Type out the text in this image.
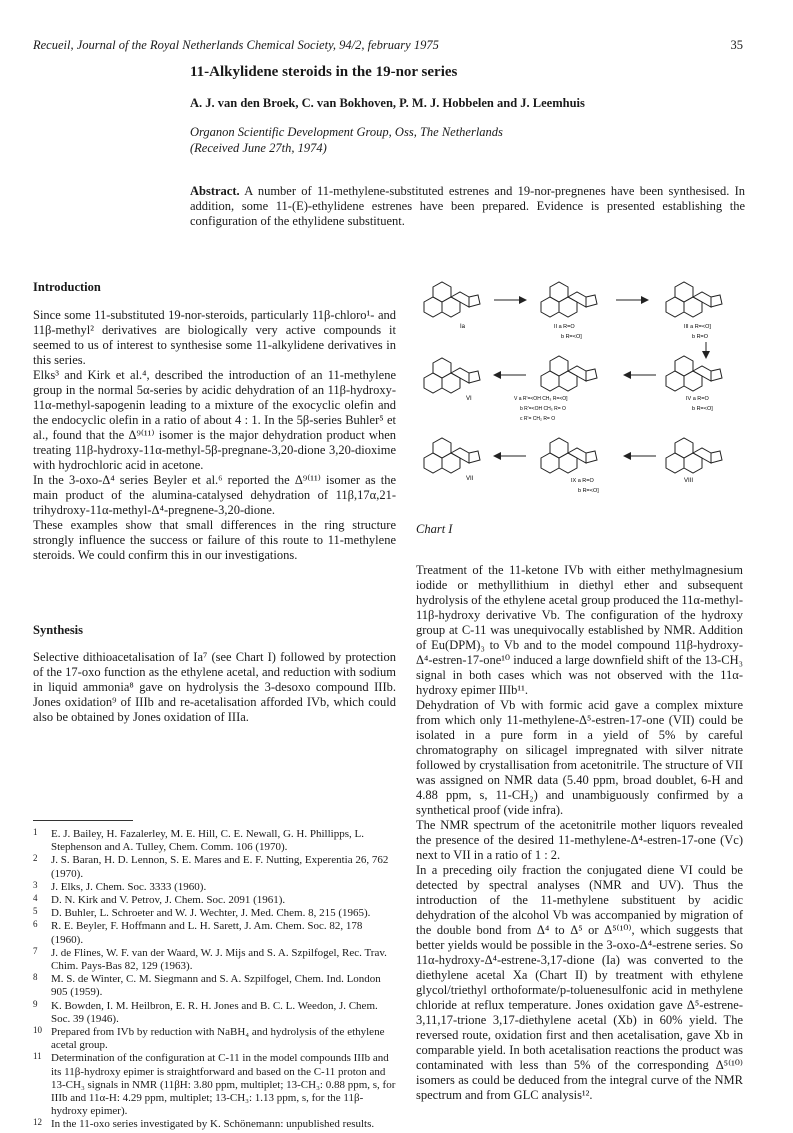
Recueil, Journal of the Royal Netherlands Chemical Society, 94/2, february 1975	35
11-Alkylidene steroids in the 19-nor series
A. J. van den Broek, C. van Bokhoven, P. M. J. Hobbelen and J. Leemhuis
Organon Scientific Development Group, Oss, The Netherlands
(Received June 27th, 1974)
Abstract. A number of 11-methylene-substituted estrenes and 19-nor-pregnenes have been synthesised. In addition, some 11-(E)-ethylidene estrenes have been prepared. Evidence is presented establishing the configuration of the ethylidene substituent.
Introduction
Since some 11-substituted 19-nor-steroids, particularly 11β-chloro¹- and 11β-methyl² derivatives are biologically very active compounds it seemed to us of interest to synthesise some 11-alkylidene derivatives in this series.
Elks³ and Kirk et al.⁴, described the introduction of an 11-methylene group in the normal 5α-series by acidic dehydration of an 11β-hydroxy-11α-methyl-sapogenin leading to a mixture of the exocyclic olefin and the endocyclic olefin in a ratio of about 4 : 1. In the 5β-series Buhler⁵ et al., found that the Δ⁹⁽¹¹⁾ isomer is the major dehydration product when treating 11β-hydroxy-11α-methyl-5β-pregnane-3,20-dione 3,20-dioxime with hydrochloric acid in acetone.
In the 3-oxo-Δ⁴ series Beyler et al.⁶ reported the Δ⁹⁽¹¹⁾ isomer as the main product of the alumina-catalysed dehydration of 11β,17α,21-trihydroxy-11α-methyl-Δ⁴-pregnene-3,20-dione.
These examples show that small differences in the ring structure strongly influence the success or failure of this route to 11-methylene steroids. We could confirm this in our investigations.
Synthesis
Selective dithioacetalisation of Ia⁷ (see Chart I) followed by protection of the 17-oxo function as the ethylene acetal, and reduction with sodium in liquid ammonia⁸ gave on hydrolysis the 3-desoxo compound IIIb. Jones oxidation⁹ of IIIb and re-acetalisation afforded IVb, which could also be obtained by Jones oxidation of IIIa.
1 E. J. Bailey, H. Fazalerley, M. E. Hill, C. E. Newall, G. H. Phillipps, L. Stephenson and A. Tulley, Chem. Comm. 106 (1970).
2 J. S. Baran, H. D. Lennon, S. E. Mares and E. F. Nutting, Experentia 26, 762 (1970).
3 J. Elks, J. Chem. Soc. 3333 (1960).
4 D. N. Kirk and V. Petrov, J. Chem. Soc. 2091 (1961).
5 D. Buhler, L. Schroeter and W. J. Wechter, J. Med. Chem. 8, 215 (1965).
6 R. E. Beyler, F. Hoffmann and L. H. Sarett, J. Am. Chem. Soc. 82, 178 (1960).
7 J. de Flines, W. F. van der Waard, W. J. Mijs and S. A. Szpilfogel, Rec. Trav. Chim. Pays-Bas 82, 129 (1963).
8 M. S. de Winter, C. M. Siegmann and S. A. Szpilfogel, Chem. Ind. London 905 (1959).
9 K. Bowden, I. M. Heilbron, E. R. H. Jones and B. C. L. Weedon, J. Chem. Soc. 39 (1946).
10 Prepared from IVb by reduction with NaBH₄ and hydrolysis of the ethylene acetal group.
11 Determination of the configuration at C-11 in the model compounds IIIb and its 11β-hydroxy epimer is straightforward and based on the C-11 proton and 13-CH₃ signals in NMR (11βH: 3.80 ppm, multiplet; 13-CH₃: 0.88 ppm, s, for IIIb and 11α-H: 4.29 ppm, multiplet; 13-CH₃: 1.13 ppm, s, for the 11β-hydroxy epimer).
12 In the 11-oxo series investigated by K. Schönemann: unpublished results.
Ia	II a R=O
b R=<O]
III a R=<O]
b R=O
VI	V a R'=<OH CH₃ R=<O]
b R'=<OH CH₃ R= O
c R'= CH₂ R= O
IV a R=O
b R=<O]
VII	IX a R=O
b R=<O]
VIII
Chart I
Treatment of the 11-ketone IVb with either methylmagnesium iodide or methyllithium in diethyl ether and subsequent hydrolysis of the ethylene acetal group produced the 11α-methyl-11β-hydroxy derivative Vb. The configuration of the hydroxy group at C-11 was unequivocally established by NMR. Addition of Eu(DPM)₃ to Vb and to the model compound 11β-hydroxy-Δ⁴-estren-17-one¹⁰ induced a large downfield shift of the 13-CH₃ signal in both cases which was not observed with the 11α-hydroxy epimer IIIb¹¹.
Dehydration of Vb with formic acid gave a complex mixture from which only 11-methylene-Δ⁵-estren-17-one (VII) could be isolated in a pure form in a yield of 5% by careful chromatography on silicagel impregnated with silver nitrate followed by crystallisation from acetonitrile. The structure of VII was assigned on NMR data (5.40 ppm, broad doublet, 6-H and 4.88 ppm, s, 11-CH₂) and unambiguously confirmed by a synthetical proof (vide infra).
The NMR spectrum of the acetonitrile mother liquors revealed the presence of the desired 11-methylene-Δ⁴-estren-17-one (Vc) next to VII in a ratio of 1 : 2.
In a preceding oily fraction the conjugated diene VI could be detected by spectral analyses (NMR and UV). Thus the introduction of the 11-methylene substituent by acidic dehydration of the alcohol Vb was accompanied by migration of the double bond from Δ⁴ to Δ⁵ or Δ⁵⁽¹⁰⁾, which suggests that better yields would be possible in the 3-oxo-Δ⁴-estrene series. So 11α-hydroxy-Δ⁴-estrene-3,17-dione (Ia) was converted to the diethylene acetal Xa (Chart II) by treatment with ethylene glycol/triethyl orthoformate/p-toluenesulfonic acid in methylene chloride at reflux temperature. Jones oxidation gave Δ⁵-estrene-3,11,17-trione 3,17-diethylene acetal (Xb) in 60% yield. The reversed route, oxidation first and then acetalisation, gave Xb in comparable yield. In both acetalisation reactions the product was contaminated with less than 5% of the corresponding Δ⁵⁽¹⁰⁾ isomers as could be deduced from the integral curve of the NMR spectrum and from GLC analysis¹².
